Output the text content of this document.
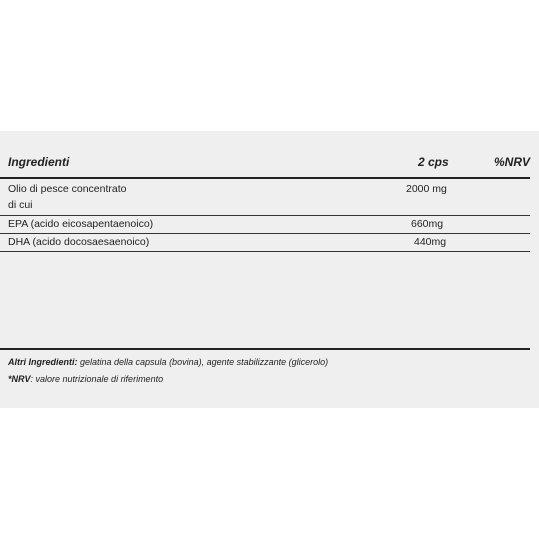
Ingredienti	2 cps	%NRV
Olio di pesce concentrato	2000 mg
di cui
EPA (acido eicosapentaenoico)	660mg
DHA (acido docosaesaenoico)	440mg
Altri Ingredienti: gelatina della capsula (bovina), agente stabilizzante (glicerolo)
*NRV: valore nutrizionale di riferimento
